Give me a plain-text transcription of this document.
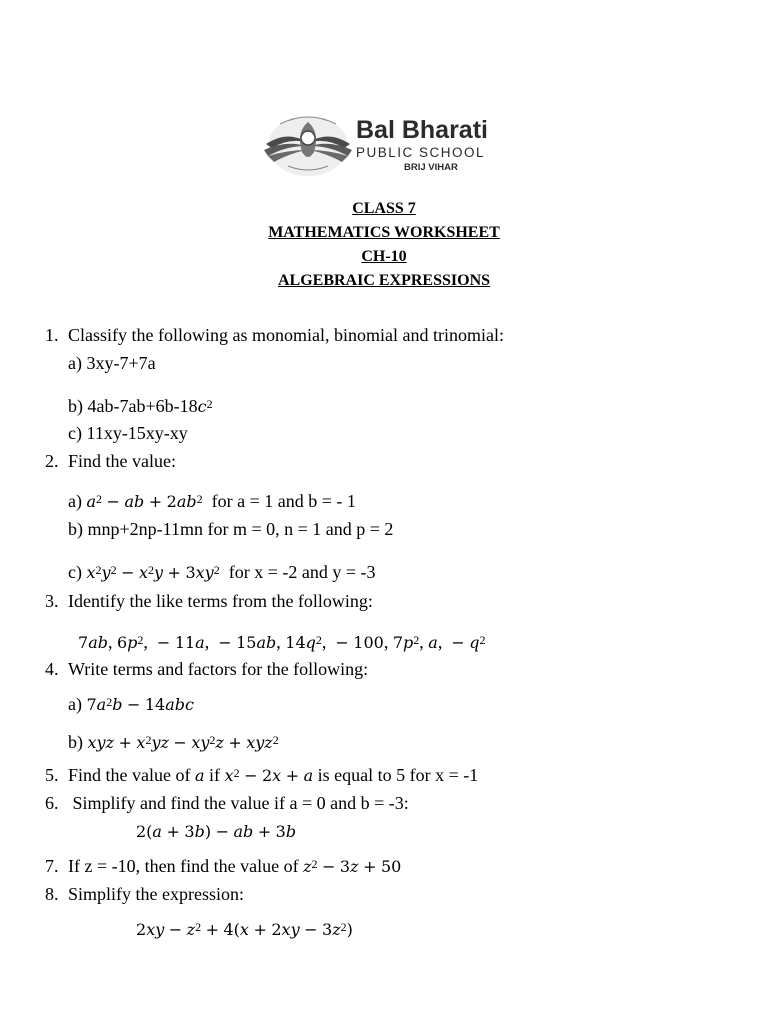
Bal Bharati
PUBLIC SCHOOL
BRIJ VIHAR
CLASS 7
MATHEMATICS WORKSHEET
CH-10
ALGEBRAIC EXPRESSIONS
1. Classify the following as monomial, binomial and trinomial:
a) 3xy-7+7a
b) $4ab-7ab+6b-18c^2$
c) 11xy-15xy-xy
2. Find the value:
a) $a^2$ − ab + $2ab^2$ for a = 1 and b = - 1
b) mnp+2np-11mn for m = 0, n = 1 and p = 2
c) $x^2y^2 - x^2y + 3xy^2$ for x = -2 and y = -3
3. Identify the like terms from the following:
7ab, $6p^2$,  − 11a,  − 15ab, $14q^2$,  − 100, $7p^2$, a,  − $q^2$
4. Write terms and factors for the following:
a) $7a^2b - 14abc$
b) xyz + $x^2yz - xy^2z + xyz^2$
5. Find the value of a if $x^2 - 2x + a$ is equal to 5 for x = -1
6. Simplify and find the value if a = 0 and b = -3:
2(a + 3b) − ab + 3b
7. If z = -10, then find the value of $z^2 - 3z + 50$
8. Simplify the expression:
$2xy - z^2 + 4(x + 2xy - 3z^2)$
